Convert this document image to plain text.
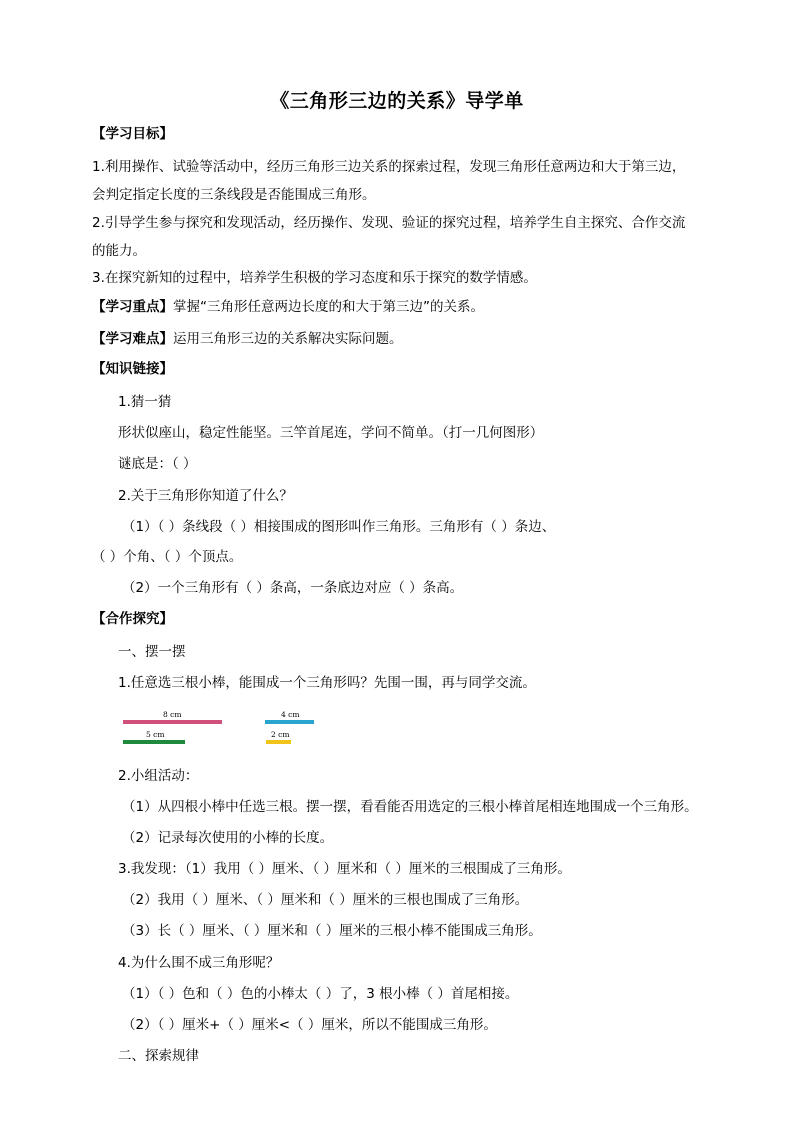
《三角形三边的关系》导学单
【学习目标】
1.利用操作、试验等活动中，经历三角形三边关系的探索过程，发现三角形任意两边和大于第三边，
会判定指定长度的三条线段是否能围成三角形。
2.引导学生参与探究和发现活动，经历操作、发现、验证的探究过程，培养学生自主探究、合作交流
的能力。
3.在探究新知的过程中，培养学生积极的学习态度和乐于探究的数学情感。
【学习重点】掌握“三角形任意两边长度的和大于第三边”的关系。
【学习难点】运用三角形三边的关系解决实际问题。
【知识链接】
1.猜一猜
形状似座山，稳定性能坚。三竿首尾连，学问不简单。（打一几何图形）
谜底是：（ ）
2.关于三角形你知道了什么？
（1）（ ）条线段（ ）相接围成的图形叫作三角形。三角形有（ ）条边、
（ ）个角、（ ）个顶点。
（2）一个三角形有（ ）条高，一条底边对应（ ）条高。
【合作探究】
一、摆一摆
1.任意选三根小棒，能围成一个三角形吗？先围一围，再与同学交流。
8 cm
5 cm
4 cm
2 cm
2.小组活动：
（1）从四根小棒中任选三根。摆一摆，看看能否用选定的三根小棒首尾相连地围成一个三角形。
（2）记录每次使用的小棒的长度。
3.我发现：（1）我用（ ）厘米、（ ）厘米和（ ）厘米的三根围成了三角形。
（2）我用（ ）厘米、（ ）厘米和（ ）厘米的三根也围成了三角形。
（3）长（ ）厘米、（ ）厘米和（ ）厘米的三根小棒不能围成三角形。
4.为什么围不成三角形呢？
（1）（ ）色和（ ）色的小棒太（ ）了，3 根小棒（ ）首尾相接。
（2）（ ）厘米+（ ）厘米<（ ）厘米，所以不能围成三角形。
二、探索规律
